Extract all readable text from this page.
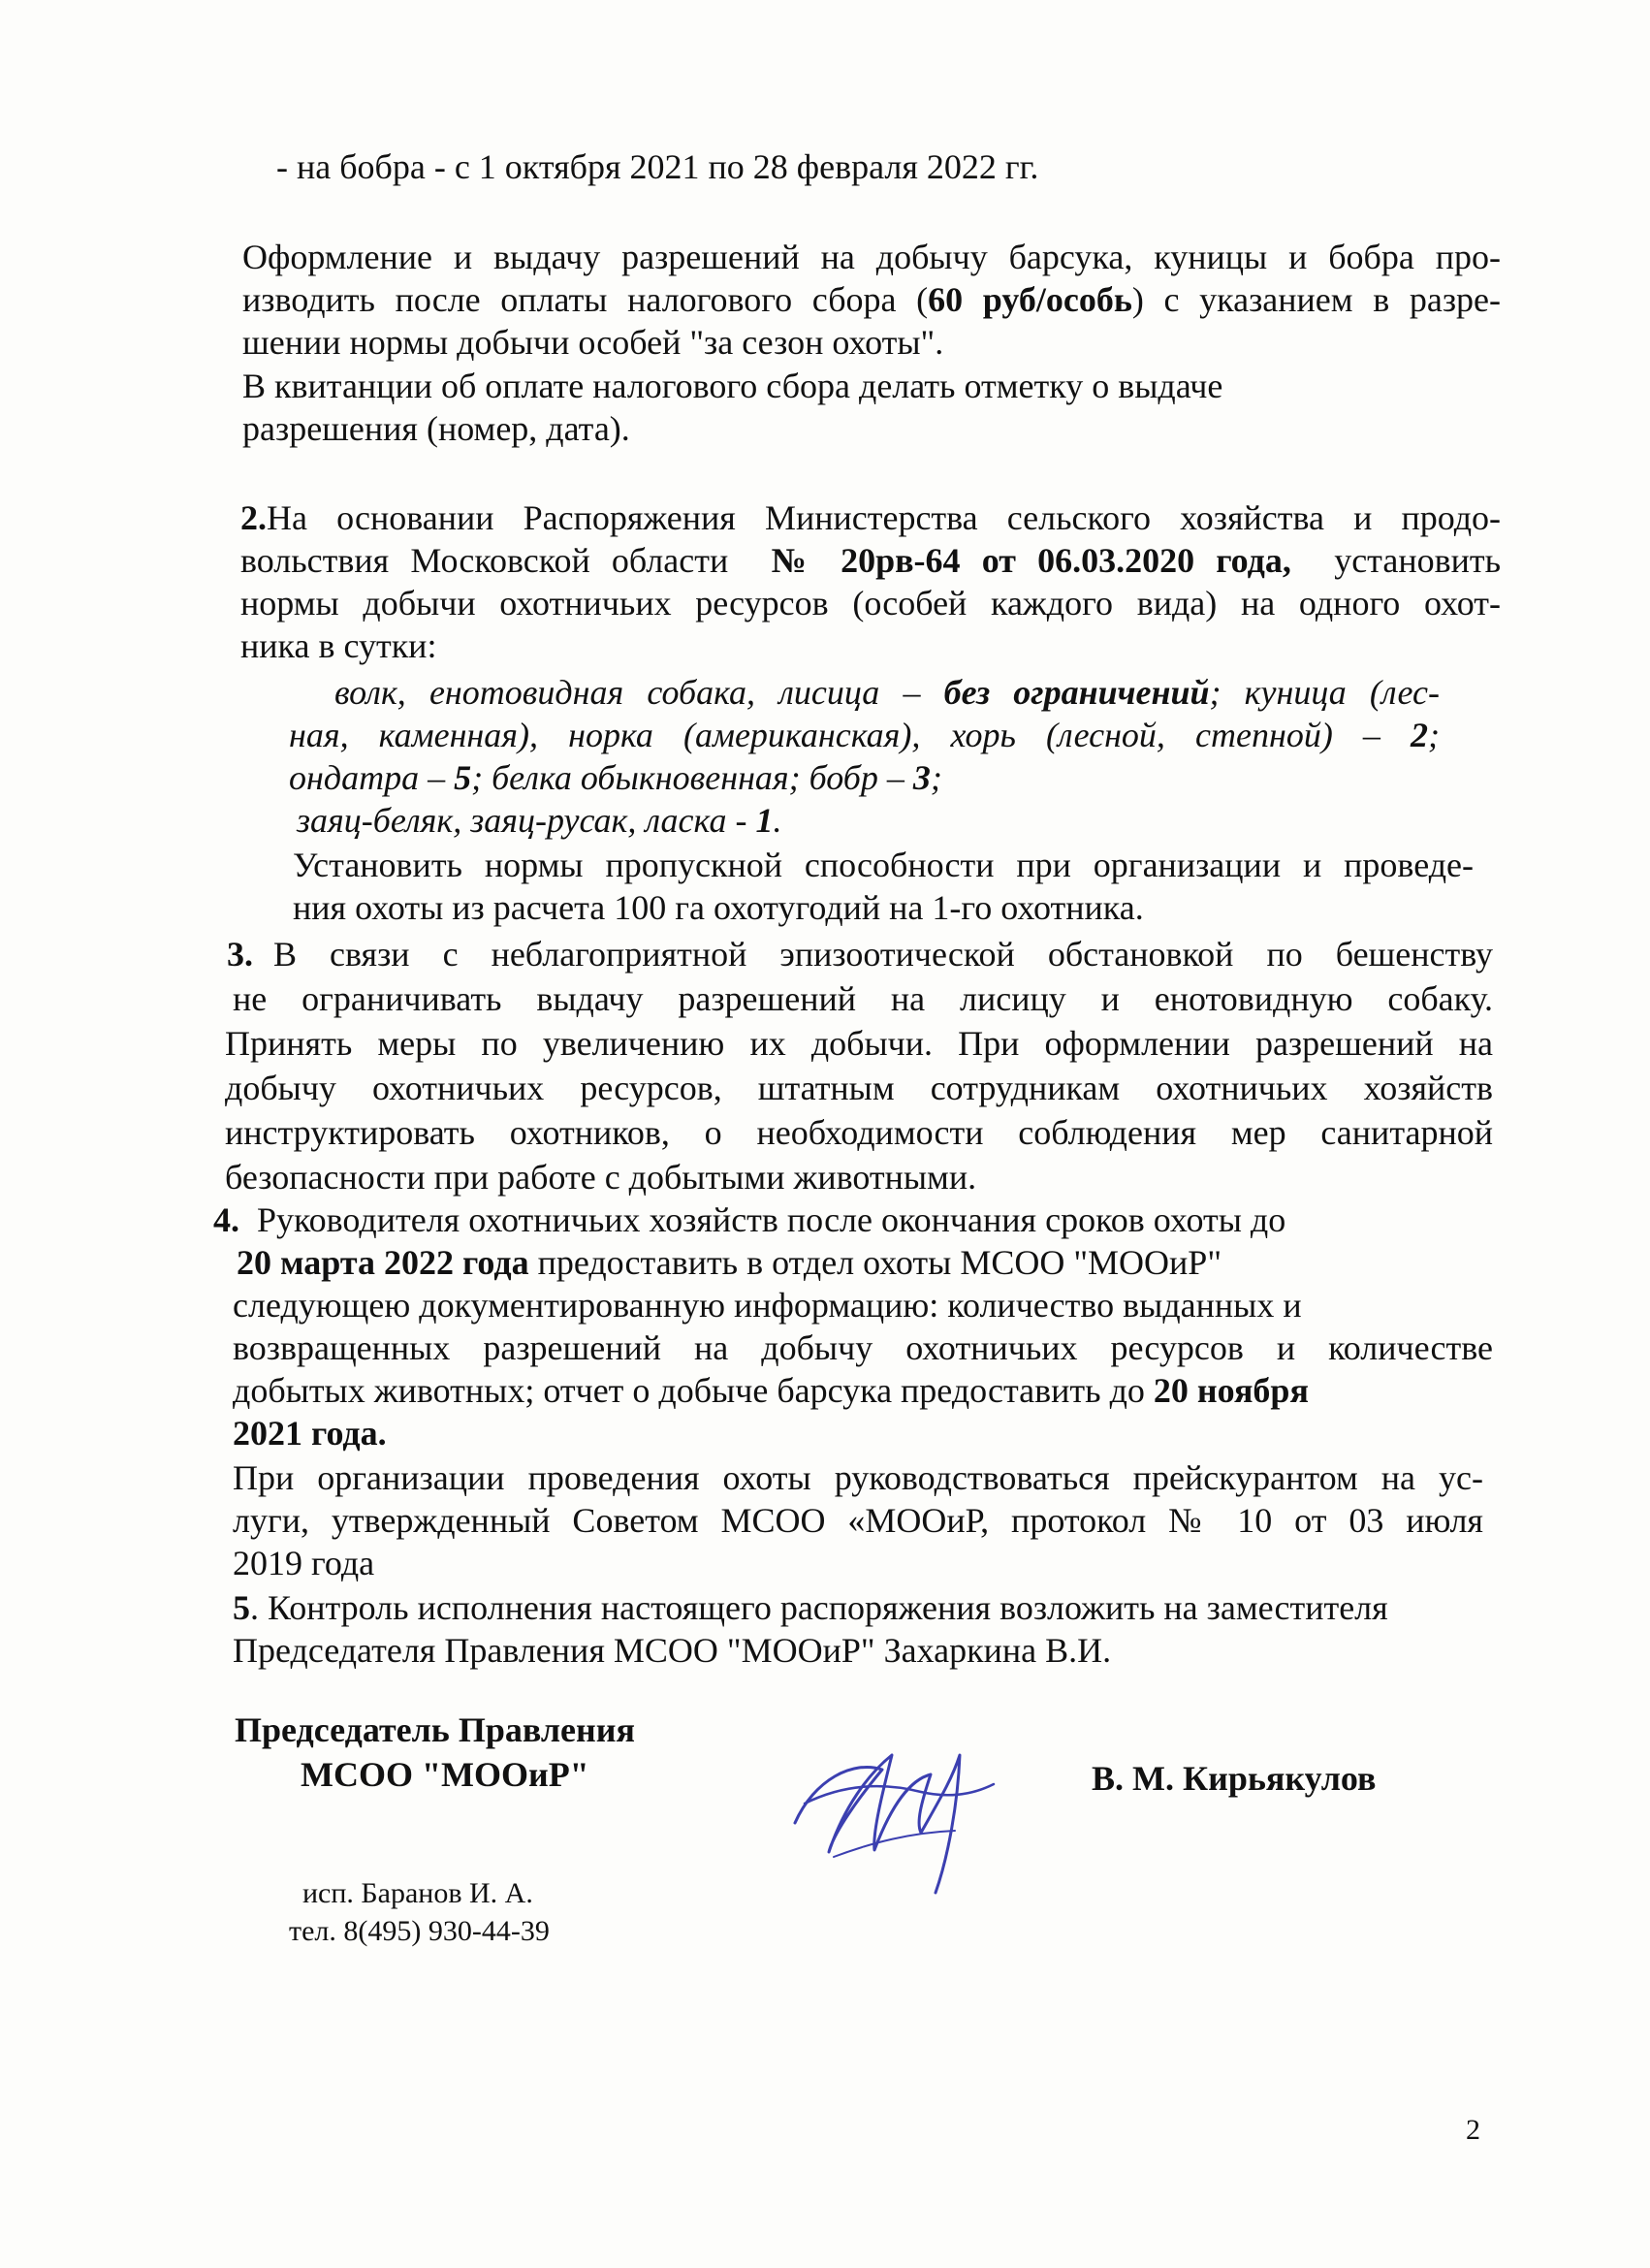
- на бобра - с 1 октября 2021 по 28 февраля 2022 гг.
Оформление и выдачу разрешений на добычу барсука, куницы и бобра про-
изводить после оплаты налогового сбора (60 руб/особь) с указанием в разре-
шении нормы добычи особей "за сезон охоты".
В квитанции об оплате налогового сбора делать отметку о выдаче
разрешения (номер, дата).
2.На основании Распоряжения Министерства сельского хозяйства и продо-
вольствия Московской области № 20рв-64 от 06.03.2020 года, установить
нормы добычи охотничьих ресурсов (особей каждого вида) на одного охот-
ника в сутки:
волк, енотовидная собака, лисица – без ограничений; куница (лес-
ная, каменная), норка (американская), хорь (лесной, степной) – 2;
ондатра – 5; белка обыкновенная; бобр – 3;
заяц-беляк, заяц-русак, ласка - 1.
Установить нормы пропускной способности при организации и проведе-
ния охоты из расчета 100 га охотугодий на 1-го охотника.
3. В связи с неблагоприятной эпизоотической обстановкой по бешенству
не ограничивать выдачу разрешений на лисицу и енотовидную собаку.
Принять меры по увеличению их добычи. При оформлении разрешений на
добычу охотничьих ресурсов, штатным сотрудникам охотничьих хозяйств
инструктировать охотников, о необходимости соблюдения мер санитарной
безопасности при работе с добытыми животными.
4. Руководителя охотничьих хозяйств после окончания сроков охоты до
20 марта 2022 года предоставить в отдел охоты МСОО "МООиР"
следующею документированную информацию: количество выданных и
возвращенных разрешений на добычу охотничьих ресурсов и количестве
добытых животных; отчет о добыче барсука предоставить до 20 ноября
2021 года.
При организации проведения охоты руководствоваться прейскурантом на ус-
луги, утвержденный Советом МСОО «МООиР, протокол № 10 от 03 июля
2019 года
5. Контроль исполнения настоящего распоряжения возложить на заместителя
Председателя Правления МСОО "МООиР" Захаркина В.И.
Председатель Правления
МСОО "МООиР"	В. М. Кирьякулов
исп. Баранов И. А.
тел. 8(495) 930-44-39
2
